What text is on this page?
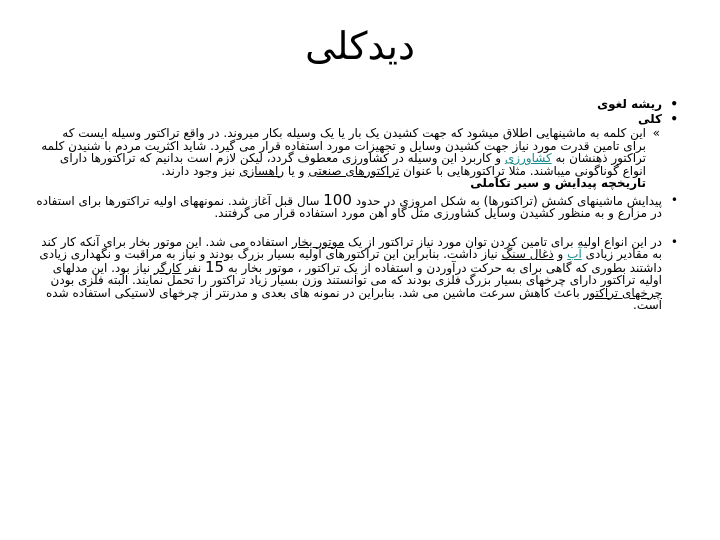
دیدکلی
• ريشه لغوی
• كلی
» اين كلمه به ماشينهايی اطلاق میشود كه جهت كشيدن يک بار يا يک وسيله بكار میروند. در واقع تراكتور وسيله ايست كه برای تامين قدرت مورد نياز جهت كشيدن وسايل و تجهيزات مورد استفاده قرار می گيرد. شايد اكثريت مردم با شنيدن كلمه تراكتور ذهنشان به کشاورزی و كاربرد اين وسيله در كشاورزی معطوف گردد، ليكن لازم است بدانيم كه تراكتورها دارای انواع گوناگونی میباشند. مثلا تراكتورهايی با عنوان تراكتورهای صنعتی و يا راهسازی نيز وجود دارند.
تاريخچه پيدايش و سير تكاملی
• پيدايش ماشينهای كشش (تراكتورها) به شكل امروزی در حدود 100 سال قبل آغاز شد. نمونههای اوليه تراكتورها برای استفاده در مزارع و به منظور كشيدن وسايل كشاورزی مثل گاو آهن مورد استفاده قرار می گرفتند.
• در اين انواع اوليه برای تامين كردن توان مورد نياز تراكتور از يک موتور بخار استفاده می شد. اين موتور بخار برای آنكه كار كند به مقادير زيادی آب و ذغال سنگ نياز داشت. بنابراين اين تراكتورهای اوليه بسيار بزرگ بودند و نياز به مراقبت و نگهداری زيادی داشتند بطوری كه گاهی برای به حركت درآوردن و استفاده از يک تراكتور ، موتور بخار به 15 نفر كارگر نياز بود. اين مدلهای اوليه تراكتور دارای چرخهای بسيار بزرگ فلزی بودند كه می توانستند وزن بسيار زياد تراكتور را تحمل نمايند. البته فلزی بودن چرخهای تراكتور باعث كاهش سرعت ماشين می شد. بنابراين در نمونه های بعدی و مدرنتر از چرخهای لاستيكی استفاده شده است.
